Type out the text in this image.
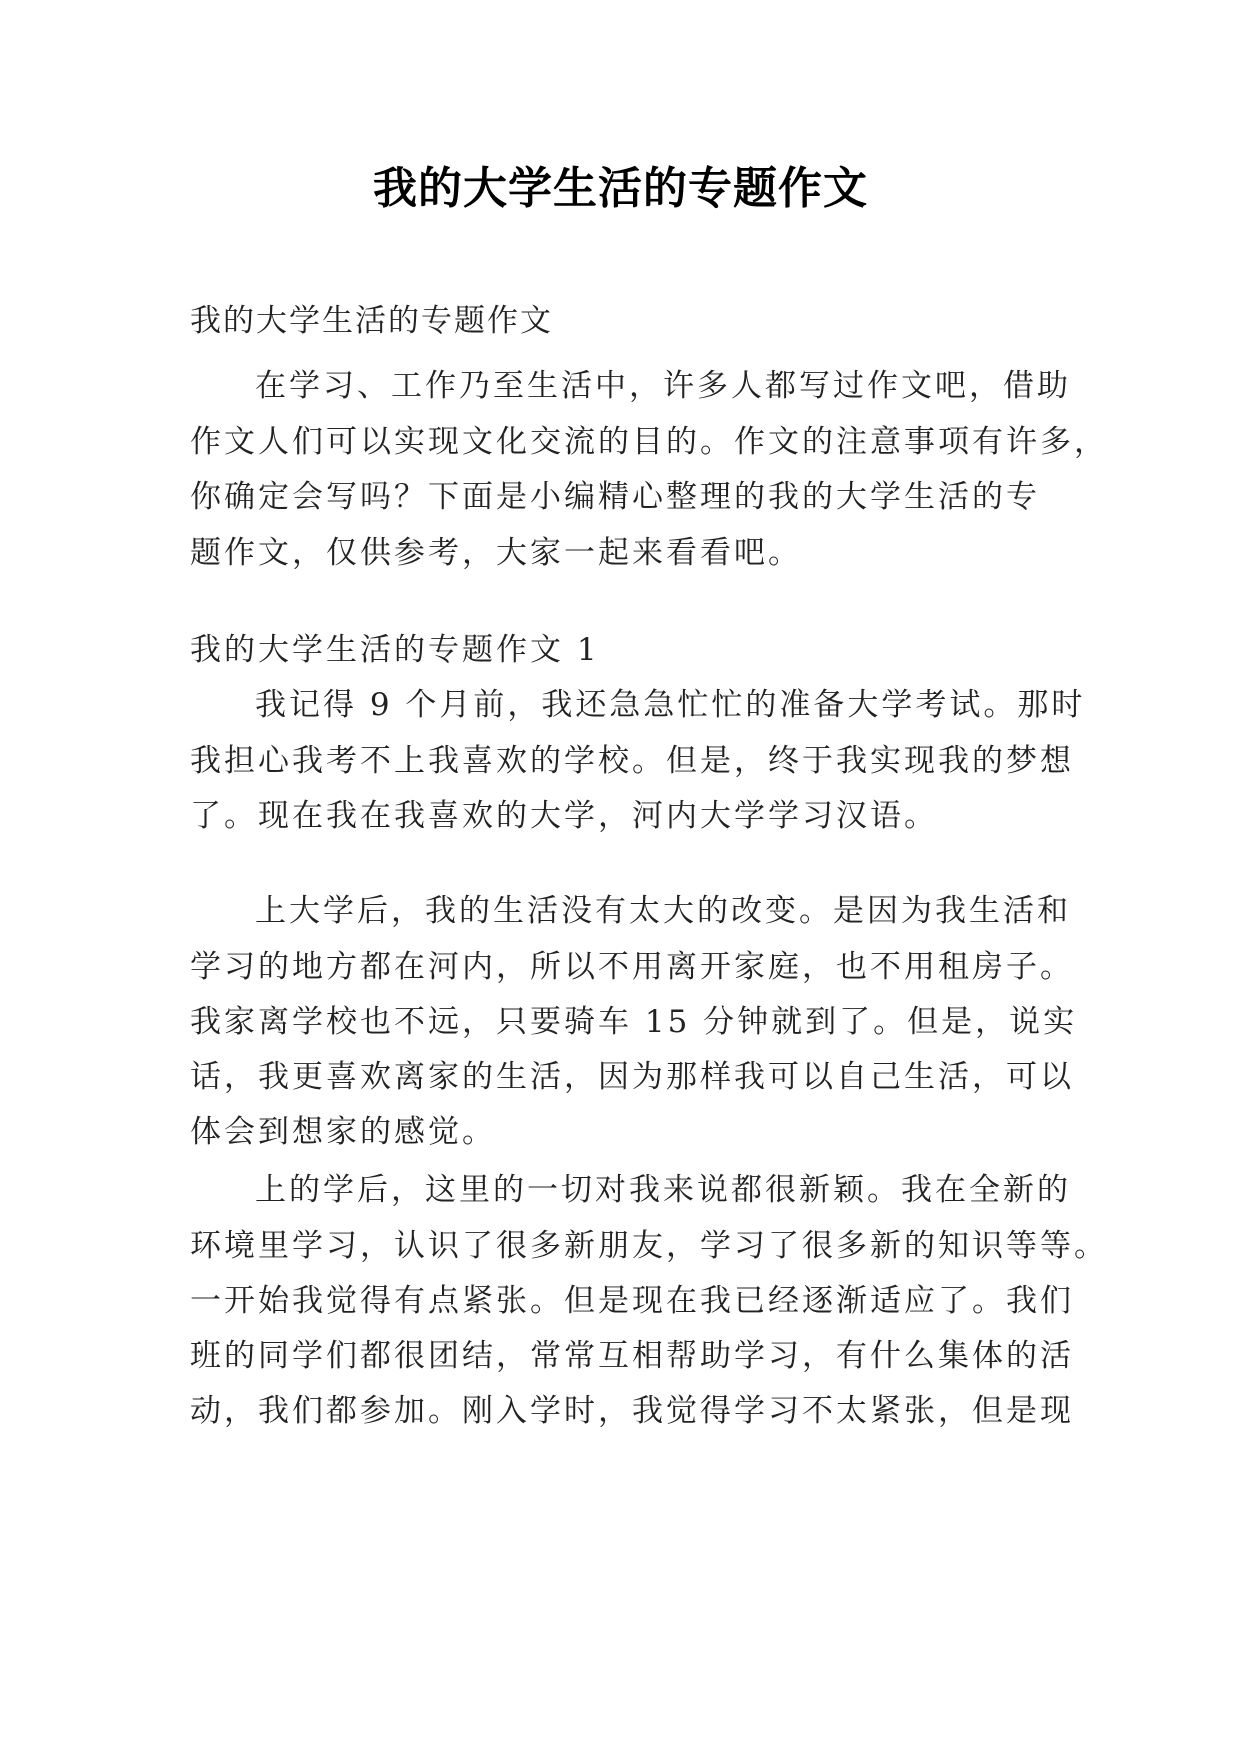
我的大学生活的专题作文
我的大学生活的专题作文
在学习、工作乃至生活中，许多人都写过作文吧，借助
作文人们可以实现文化交流的目的。作文的注意事项有许多，
你确定会写吗？下面是小编精心整理的我的大学生活的专
题作文，仅供参考，大家一起来看看吧。
我的大学生活的专题作文 1
我记得 9 个月前，我还急急忙忙的准备大学考试。那时
我担心我考不上我喜欢的学校。但是，终于我实现我的梦想
了。现在我在我喜欢的大学，河内大学学习汉语。
上大学后，我的生活没有太大的改变。是因为我生活和
学习的地方都在河内，所以不用离开家庭，也不用租房子。
我家离学校也不远，只要骑车 15 分钟就到了。但是，说实
话，我更喜欢离家的生活，因为那样我可以自己生活，可以
体会到想家的感觉。
上的学后，这里的一切对我来说都很新颖。我在全新的
环境里学习，认识了很多新朋友，学习了很多新的知识等等。
一开始我觉得有点紧张。但是现在我已经逐渐适应了。我们
班的同学们都很团结，常常互相帮助学习，有什么集体的活
动，我们都参加。刚入学时，我觉得学习不太紧张，但是现
